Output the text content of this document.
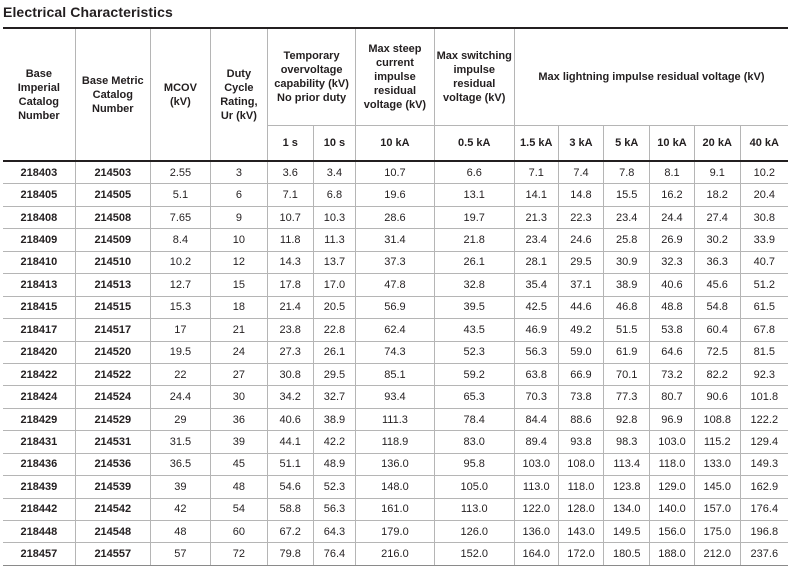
Electrical Characteristics
Base Imperial Catalog Number	Base Metric Catalog Number	MCOV (kV)	Duty Cycle Rating, Ur (kV)	Temporary overvoltage capability (kV) No prior duty		Max steep current impulse residual voltage (kV)	Max switching impulse residual voltage (kV)	Max lightning impulse residual voltage (kV)					
				1 s	10 s	10 kA	0.5 kA	1.5 kA	3 kA	5 kA	10 kA	20 kA	40 kA
218403	214503	2.55	3	3.6	3.4	10.7	6.6	7.1	7.4	7.8	8.1	9.1	10.2
218405	214505	5.1	6	7.1	6.8	19.6	13.1	14.1	14.8	15.5	16.2	18.2	20.4
218408	214508	7.65	9	10.7	10.3	28.6	19.7	21.3	22.3	23.4	24.4	27.4	30.8
218409	214509	8.4	10	11.8	11.3	31.4	21.8	23.4	24.6	25.8	26.9	30.2	33.9
218410	214510	10.2	12	14.3	13.7	37.3	26.1	28.1	29.5	30.9	32.3	36.3	40.7
218413	214513	12.7	15	17.8	17.0	47.8	32.8	35.4	37.1	38.9	40.6	45.6	51.2
218415	214515	15.3	18	21.4	20.5	56.9	39.5	42.5	44.6	46.8	48.8	54.8	61.5
218417	214517	17	21	23.8	22.8	62.4	43.5	46.9	49.2	51.5	53.8	60.4	67.8
218420	214520	19.5	24	27.3	26.1	74.3	52.3	56.3	59.0	61.9	64.6	72.5	81.5
218422	214522	22	27	30.8	29.5	85.1	59.2	63.8	66.9	70.1	73.2	82.2	92.3
218424	214524	24.4	30	34.2	32.7	93.4	65.3	70.3	73.8	77.3	80.7	90.6	101.8
218429	214529	29	36	40.6	38.9	111.3	78.4	84.4	88.6	92.8	96.9	108.8	122.2
218431	214531	31.5	39	44.1	42.2	118.9	83.0	89.4	93.8	98.3	103.0	115.2	129.4
218436	214536	36.5	45	51.1	48.9	136.0	95.8	103.0	108.0	113.4	118.0	133.0	149.3
218439	214539	39	48	54.6	52.3	148.0	105.0	113.0	118.0	123.8	129.0	145.0	162.9
218442	214542	42	54	58.8	56.3	161.0	113.0	122.0	128.0	134.0	140.0	157.0	176.4
218448	214548	48	60	67.2	64.3	179.0	126.0	136.0	143.0	149.5	156.0	175.0	196.8
218457	214557	57	72	79.8	76.4	216.0	152.0	164.0	172.0	180.5	188.0	212.0	237.6
